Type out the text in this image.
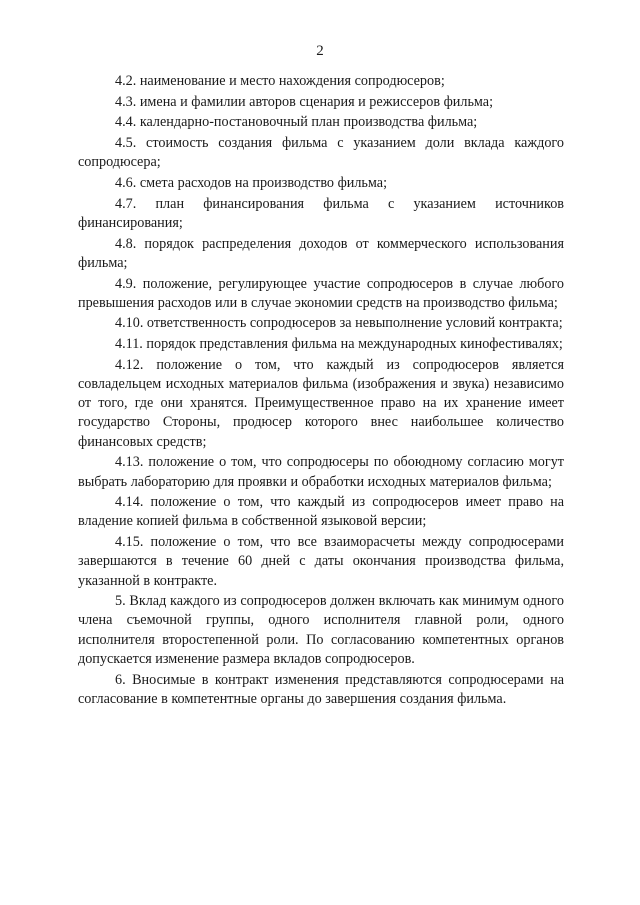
2

4.2. наименование и место нахождения сопродюсеров;

4.3. имена и фамилии авторов сценария и режиссеров фильма;

4.4. календарно-постановочный план производства фильма;

4.5. стоимость создания фильма с указанием доли вклада каждого сопродюсера;

4.6. смета расходов на производство фильма;

4.7. план финансирования фильма с указанием источников финансирования;

4.8. порядок распределения доходов от коммерческого использования фильма;

4.9. положение, регулирующее участие сопродюсеров в случае любого превышения расходов или в случае экономии средств на производство фильма;

4.10. ответственность сопродюсеров за невыполнение условий контракта;

4.11. порядок представления фильма на международных кинофестивалях;

4.12. положение о том, что каждый из сопродюсеров является совладельцем исходных материалов фильма (изображения и звука) независимо от того, где они хранятся. Преимущественное право на их хранение имеет государство Стороны, продюсер которого внес наибольшее количество финансовых средств;

4.13. положение о том, что сопродюсеры по обоюдному согласию могут выбрать лабораторию для проявки и обработки исходных материалов фильма;

4.14. положение о том, что каждый из сопродюсеров имеет право на владение копией фильма в собственной языковой версии;

4.15. положение о том, что все взаиморасчеты между сопродюсерами завершаются в течение 60 дней с даты окончания производства фильма, указанной в контракте.

5. Вклад каждого из сопродюсеров должен включать как минимум одного члена съемочной группы, одного исполнителя главной роли, одного исполнителя второстепенной роли. По согласованию компетентных органов допускается изменение размера вкладов сопродюсеров.

6. Вносимые в контракт изменения представляются сопродюсерами на согласование в компетентные органы до завершения создания фильма.
